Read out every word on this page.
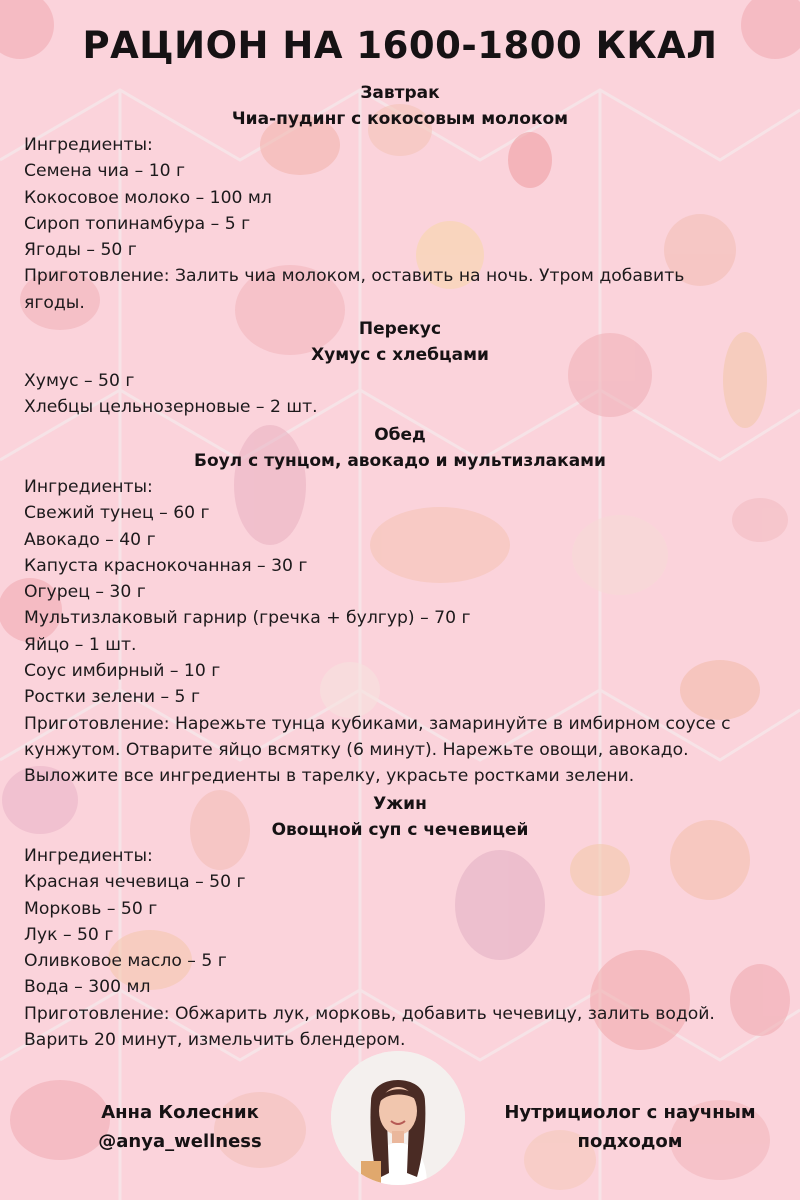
РАЦИОН НА 1600-1800 ККАЛ

Завтрак

Чиа-пудинг с кокосовым молоком

Ингредиенты:

Семена чиа – 10 г

Кокосовое молоко – 100 мл

Сироп топинамбура – 5 г

Ягоды – 50 г

Приготовление: Залить чиа молоком, оставить на ночь. Утром добавить

ягоды.

Перекус

Хумус с хлебцами

Хумус – 50 г

Хлебцы цельнозерновые – 2 шт.

Обед

Боул с тунцом, авокадо и мультизлаками

Ингредиенты:

Свежий тунец – 60 г

Авокадо – 40 г

Капуста краснокочанная – 30 г

Огурец – 30 г

Мультизлаковый гарнир (гречка + булгур) – 70 г

Яйцо – 1 шт.

Соус имбирный – 10 г

Ростки зелени – 5 г

Приготовление: Нарежьте тунца кубиками, замаринуйте в имбирном соусе с

кунжутом. Отварите яйцо всмятку (6 минут). Нарежьте овощи, авокадо.

Выложите все ингредиенты в тарелку, украсьте ростками зелени.

Ужин

Овощной суп с чечевицей

Ингредиенты:

Красная чечевица – 50 г

Морковь – 50 г

Лук – 50 г

Оливковое масло – 5 г

Вода – 300 мл

Приготовление: Обжарить лук, морковь, добавить чечевицу, залить водой.

Варить 20 минут, измельчить блендером.

Анна Колесник
@anya_wellness
Нутрициолог с научным
подходом
